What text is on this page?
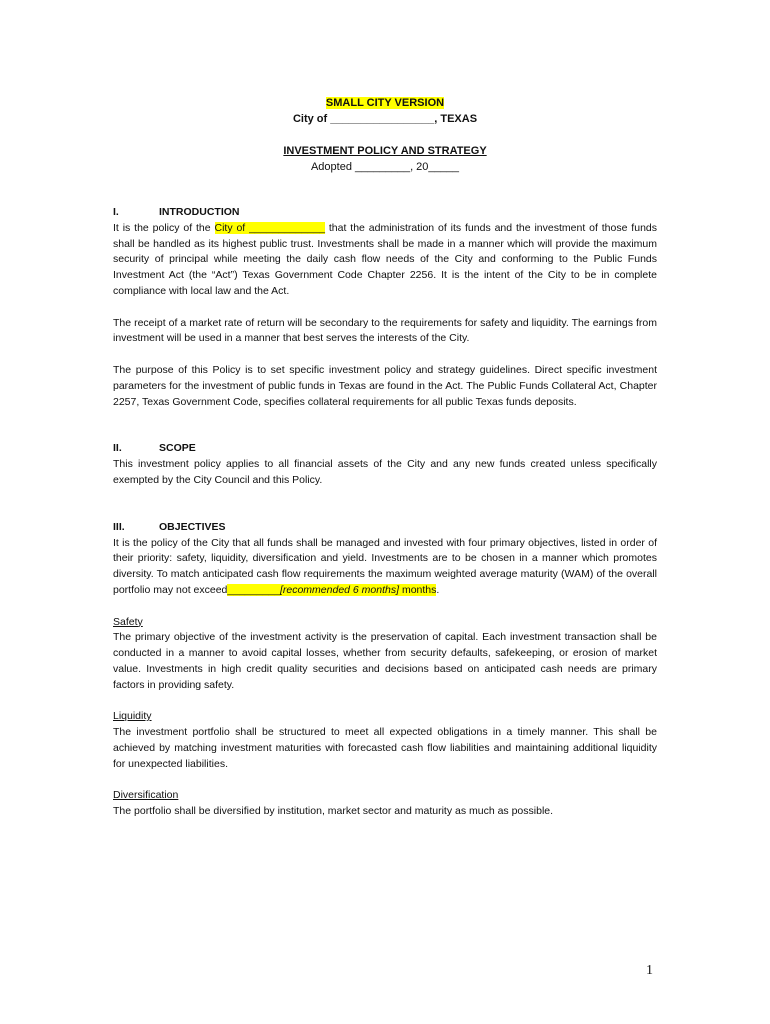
SMALL CITY VERSION
City of _________________, TEXAS
INVESTMENT POLICY AND STRATEGY
Adopted _________, 20_____
I.	INTRODUCTION

It is the policy of the City of _____________ that the administration of its funds and the investment of those funds shall be handled as its highest public trust. Investments shall be made in a manner which will provide the maximum security of principal while meeting the daily cash flow needs of the City and conforming to the Public Funds Investment Act (the “Act”) Texas Government Code Chapter 2256. It is the intent of the City to be in complete compliance with local law and the Act.

The receipt of a market rate of return will be secondary to the requirements for safety and liquidity. The earnings from investment will be used in a manner that best serves the interests of the City.

The purpose of this Policy is to set specific investment policy and strategy guidelines. Direct specific investment parameters for the investment of public funds in Texas are found in the Act. The Public Funds Collateral Act, Chapter 2257, Texas Government Code, specifies collateral requirements for all public Texas funds deposits.

II.	SCOPE

This investment policy applies to all financial assets of the City and any new funds created unless specifically exempted by the City Council and this Policy.

III.	OBJECTIVES

It is the policy of the City that all funds shall be managed and invested with four primary objectives, listed in order of their priority: safety, liquidity, diversification and yield. Investments are to be chosen in a manner which promotes diversity. To match anticipated cash flow requirements the maximum weighted average maturity (WAM) of the overall portfolio may not exceed_________[recommended 6 months] months.

Safety

The primary objective of the investment activity is the preservation of capital. Each investment transaction shall be conducted in a manner to avoid capital losses, whether from security defaults, safekeeping, or erosion of market value. Investments in high credit quality securities and decisions based on anticipated cash needs are primary factors in providing safety.

Liquidity

The investment portfolio shall be structured to meet all expected obligations in a timely manner. This shall be achieved by matching investment maturities with forecasted cash flow liabilities and maintaining additional liquidity for unexpected liabilities.

Diversification

The portfolio shall be diversified by institution, market sector and maturity as much as possible.

1
